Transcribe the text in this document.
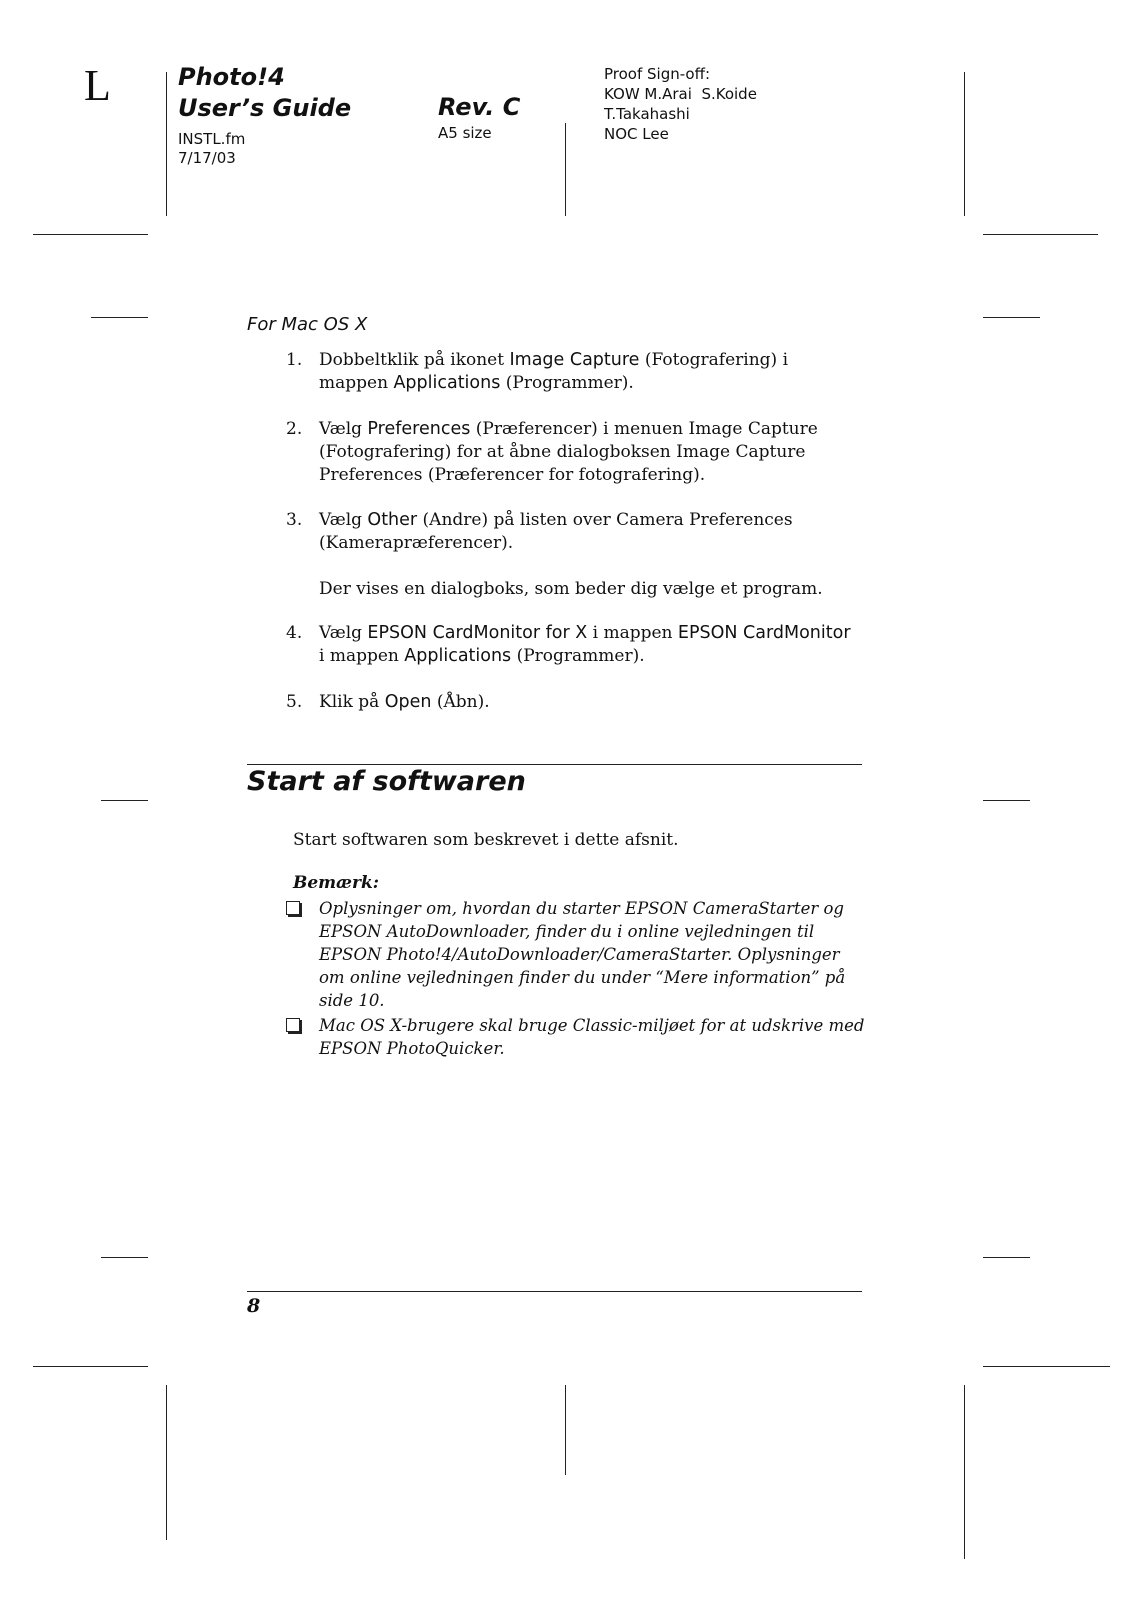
L	Photo!4
User’s Guide
INSTL.fm
7/17/03
Rev. C
A5 size
Proof Sign-off:
KOW M.Arai  S.Koide
T.Takahashi
NOC Lee
For Mac OS X
1. Dobbeltklik på ikonet Image Capture (Fotografering) i mappen Applications (Programmer).
2. Vælg Preferences (Præferencer) i menuen Image Capture (Fotografering) for at åbne dialogboksen Image Capture Preferences (Præferencer for fotografering).
3. Vælg Other (Andre) på listen over Camera Preferences (Kamerapræferencer).
Der vises en dialogboks, som beder dig vælge et program.
4. Vælg EPSON CardMonitor for X i mappen EPSON CardMonitor i mappen Applications (Programmer).
5. Klik på Open (Åbn).
Start af softwaren
Start softwaren som beskrevet i dette afsnit.
Bemærk:
Oplysninger om, hvordan du starter EPSON CameraStarter og EPSON AutoDownloader, finder du i online vejledningen til EPSON Photo!4/AutoDownloader/CameraStarter. Oplysninger om online vejledningen finder du under “Mere information” på side 10.
Mac OS X-brugere skal bruge Classic-miljøet for at udskrive med EPSON PhotoQuicker.
8
